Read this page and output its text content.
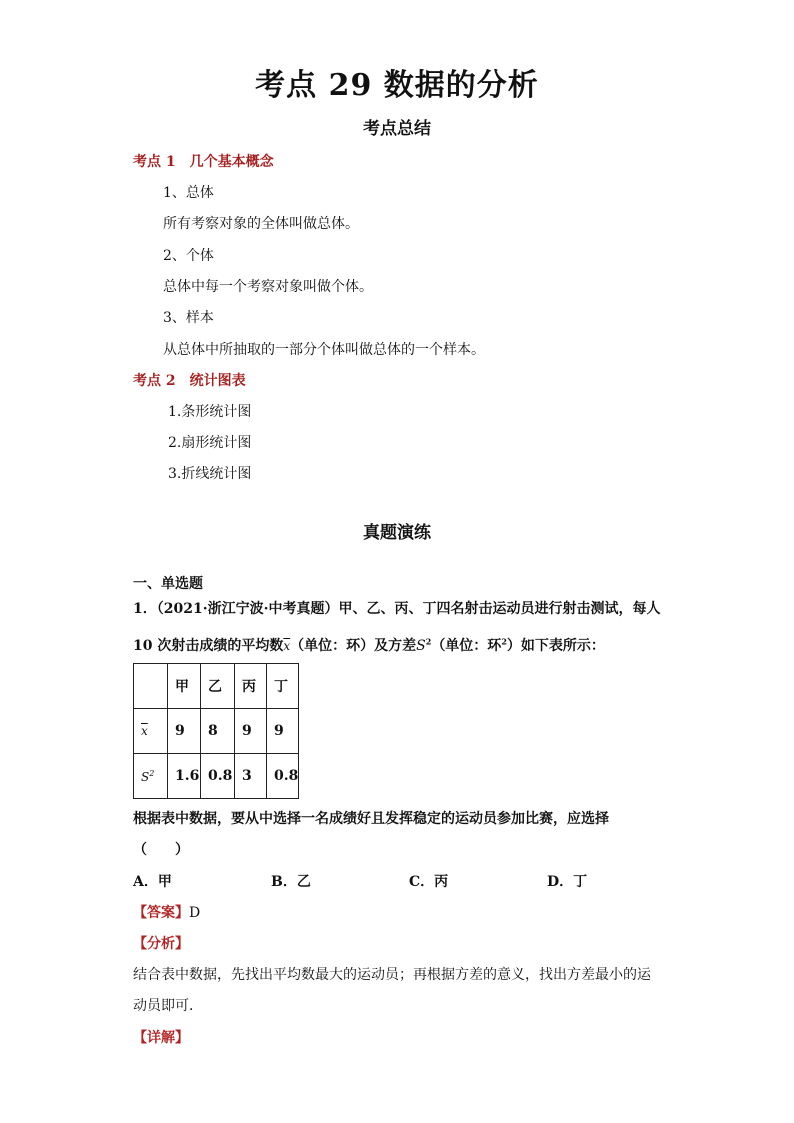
考点 29 数据的分析
考点总结
考点 1　几个基本概念
1、总体
所有考察对象的全体叫做总体。
2、个体
总体中每一个考察对象叫做个体。
3、样本
从总体中所抽取的一部分个体叫做总体的一个样本。
考点 2　统计图表
1.条形统计图
2.扇形统计图
3.折线统计图
真题演练
一、单选题
1．（2021·浙江宁波·中考真题）甲、乙、丙、丁四名射击运动员进行射击测试，每人
10 次射击成绩的平均数$\overline{x}$（单位：环）及方差$S^2$（单位：环$^2$）如下表所示：
	甲	乙	丙	丁
$\overline{x}$	9	8	9	9
$S^2$	1.6	0.8	3	0.8
根据表中数据，要从中选择一名成绩好且发挥稳定的运动员参加比赛，应选择
（　　）
A．甲	B．乙	C．丙	D．丁
【答案】D
【分析】
结合表中数据，先找出平均数最大的运动员；再根据方差的意义，找出方差最小的运
动员即可．
【详解】
